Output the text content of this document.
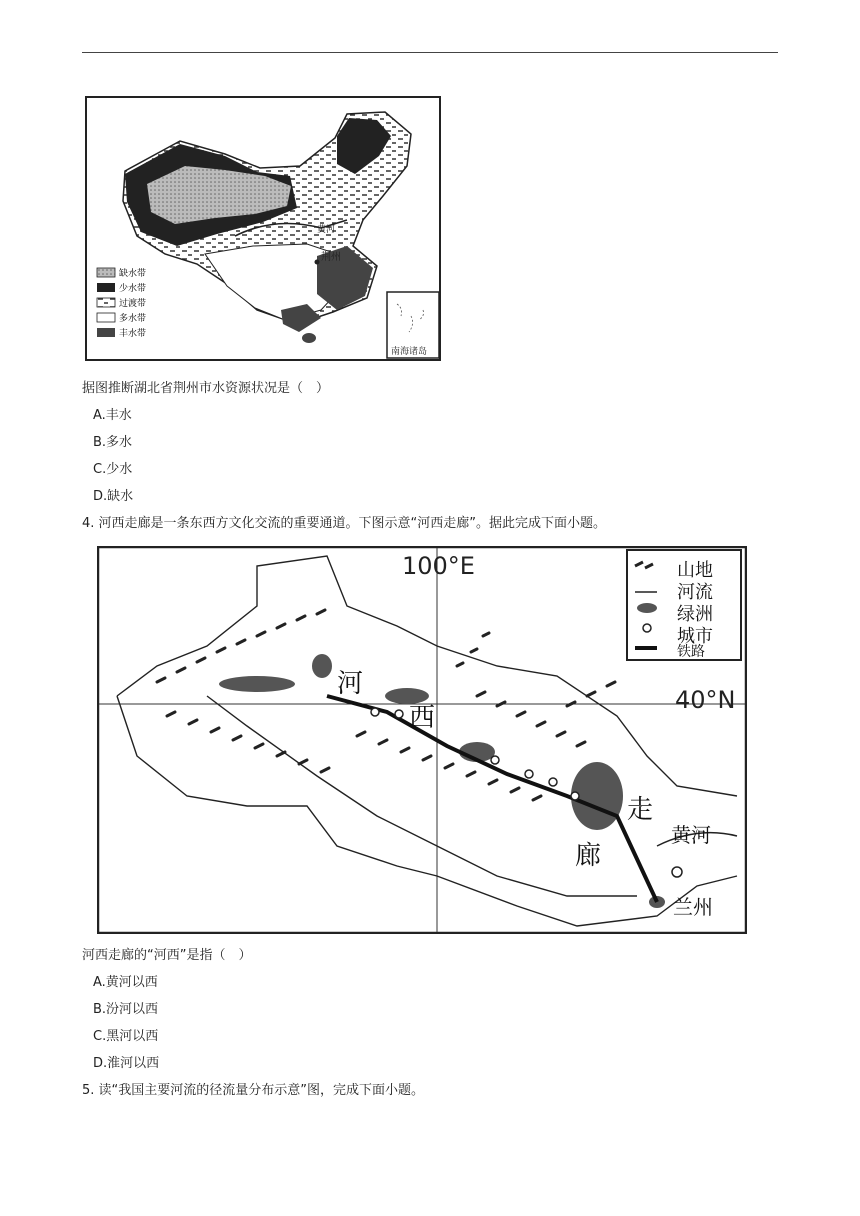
黄河
荆州
南海诸岛
缺水带
少水带
过渡带
多水带
丰水带
据图推断湖北省荆州市水资源状况是（　）
A.丰水
B.多水
C.少水
D.缺水
4. 河西走廊是一条东西方文化交流的重要通道。下图示意“河西走廊”。据此完成下面小题。
100°E
40°N
河
西
走
廊
黄河
兰州
山地
河流
绿洲
城市
铁路
河西走廊的“河西”是指（　）
A.黄河以西
B.汾河以西
C.黑河以西
D.淮河以西
5. 读“我国主要河流的径流量分布示意”图，完成下面小题。
